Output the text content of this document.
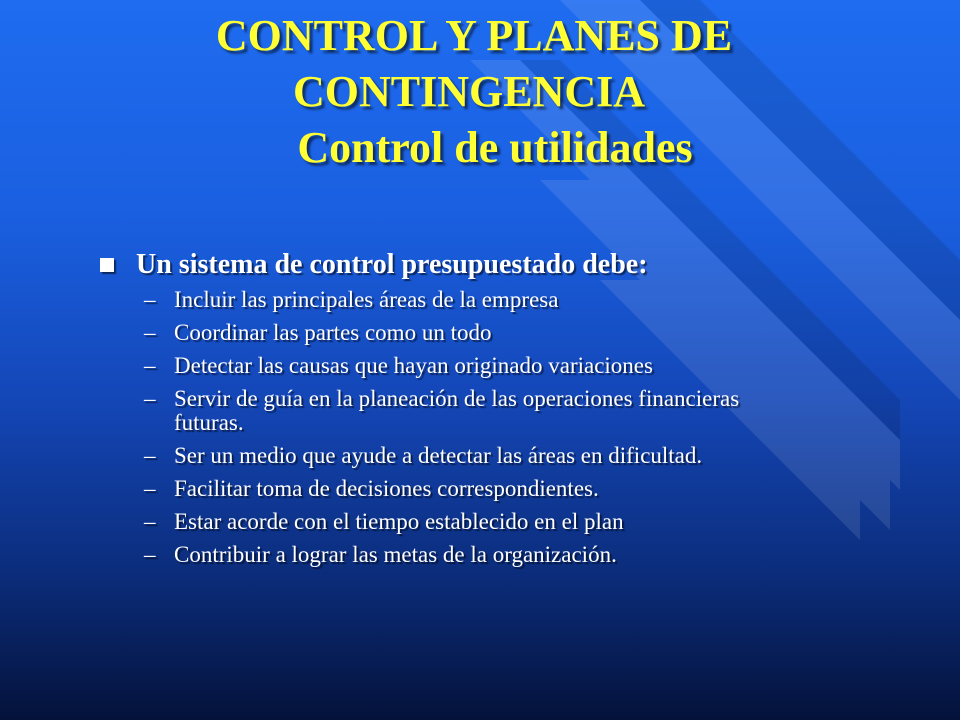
CONTROL Y PLANES DE
CONTINGENCIA
Control de utilidades
Un sistema de control presupuestado debe:
– Incluir las principales áreas de la empresa
– Coordinar las partes como un todo
– Detectar las causas que hayan originado variaciones
– Servir de guía en la planeación de las operaciones financieras futuras.
– Ser un medio que ayude a detectar las áreas en dificultad.
– Facilitar toma de decisiones correspondientes.
– Estar acorde con el tiempo establecido en el plan
– Contribuir a lograr las metas de la organización.
